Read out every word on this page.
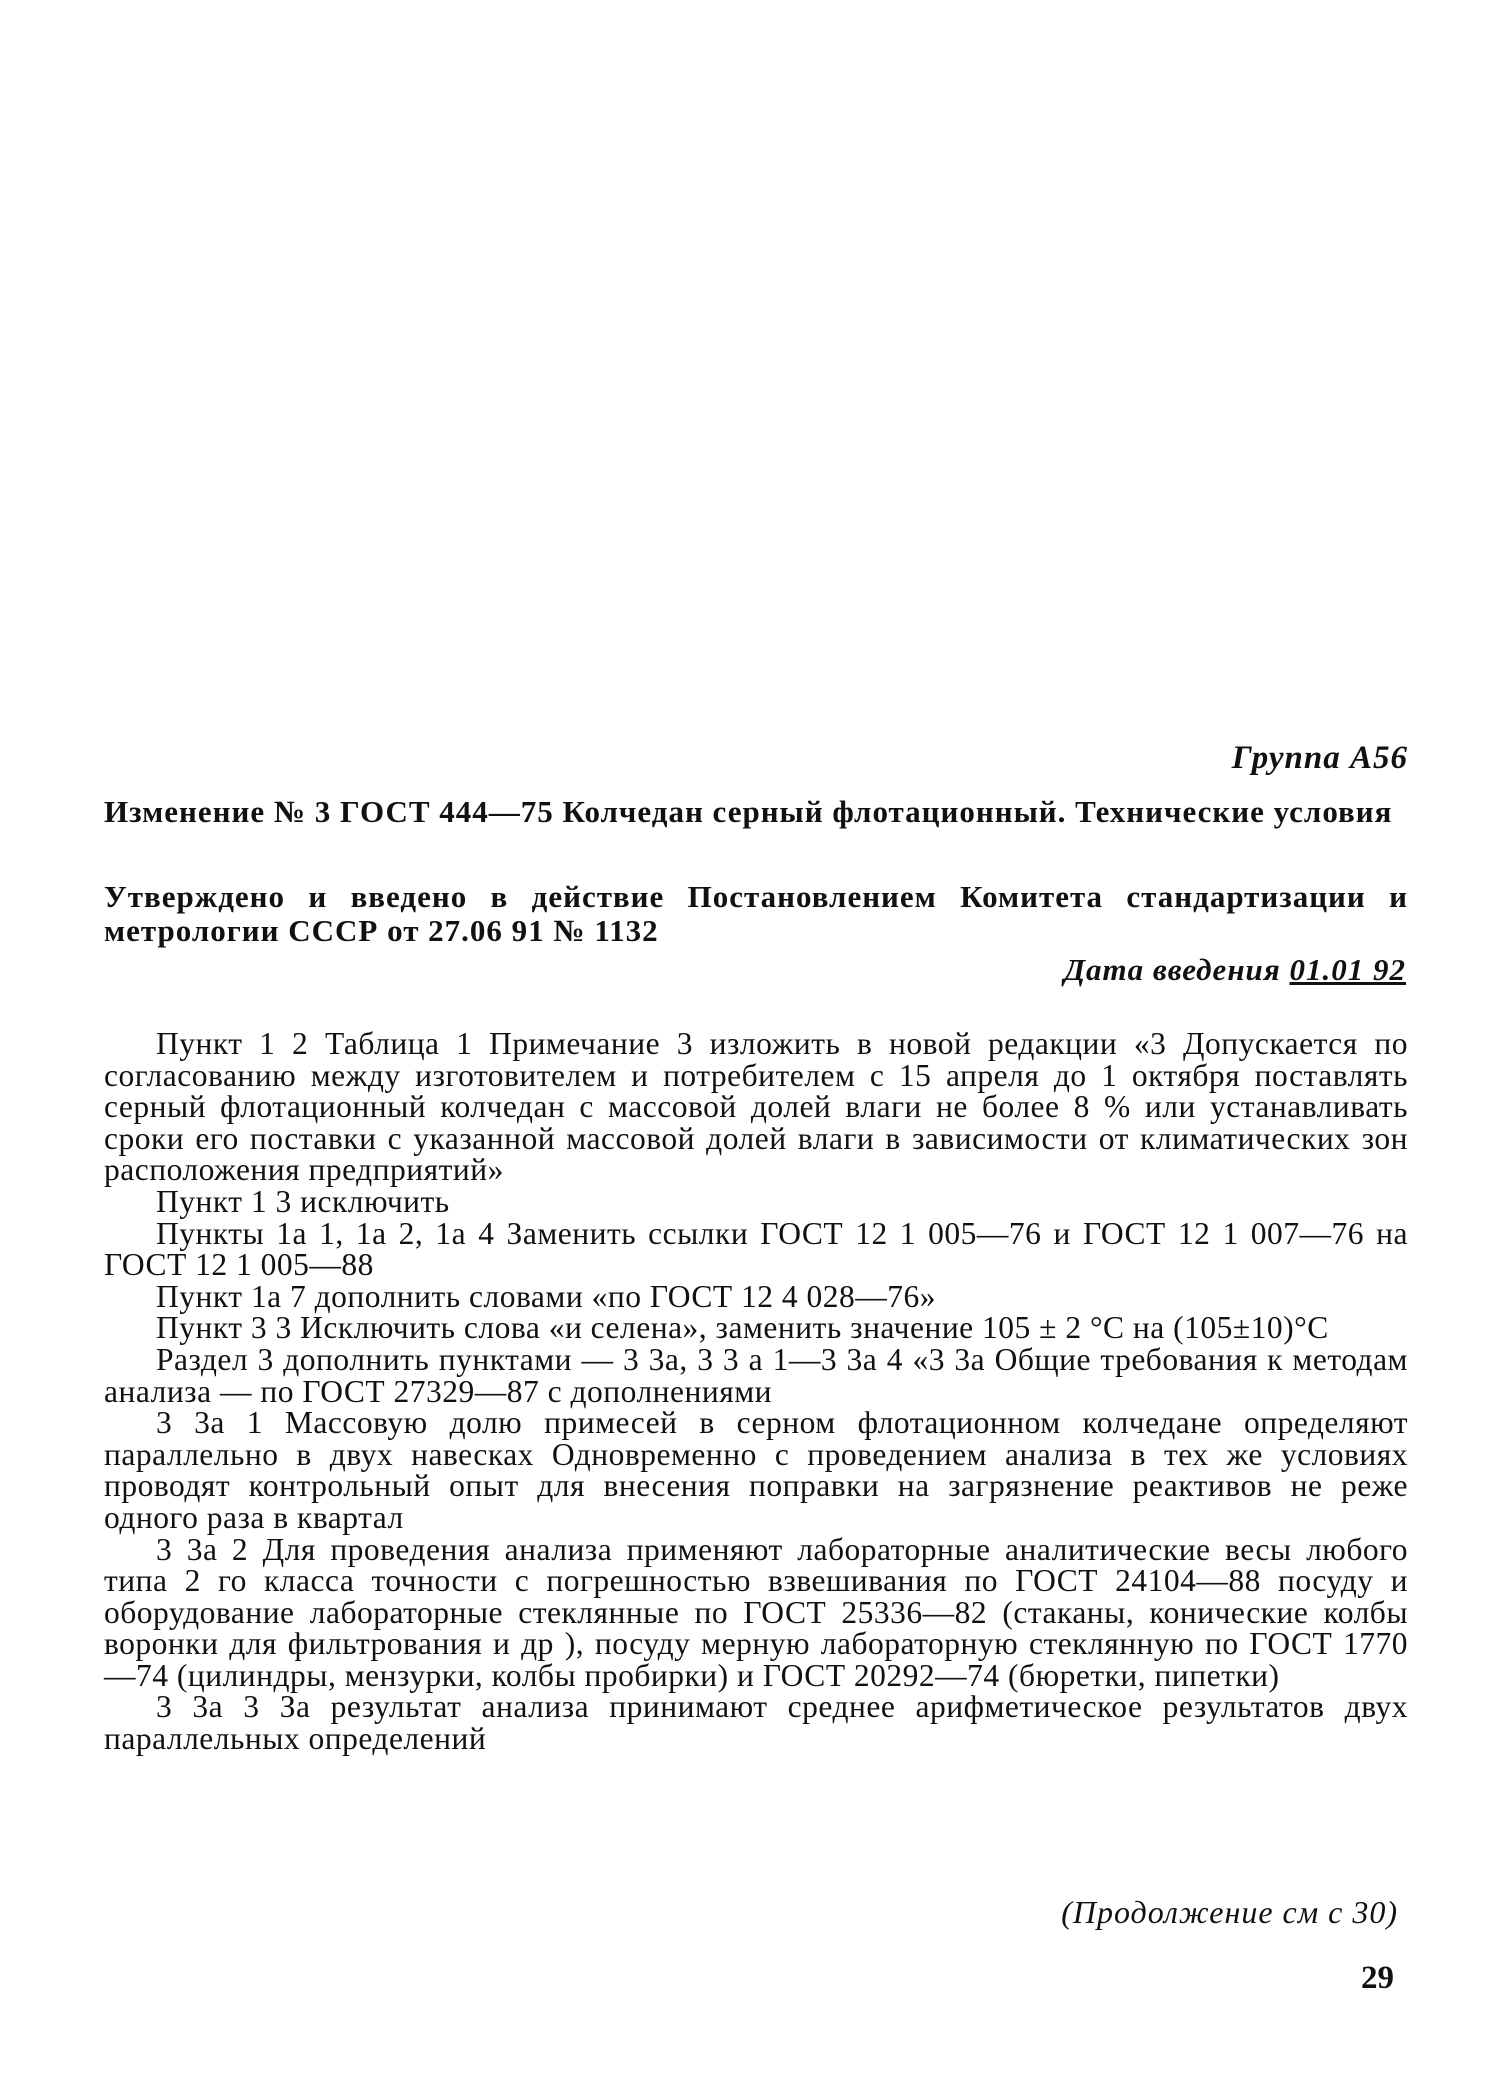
Группа А56
Изменение № 3 ГОСТ 444—75 Колчедан серный флотационный. Технические условия
Утверждено и введено в действие Постановлением Комитета стандартизации и метрологии СССР от 27.06 91 № 1132
Дата введения 01.01 92

Пункт 1 2 Таблица 1 Примечание 3 изложить в новой редакции «3 Допускается по согласованию между изготовителем и потребителем с 15 апреля до 1 октября поставлять серный флотационный колчедан с массовой долей влаги не более 8 % или устанавливать сроки его поставки с указанной массовой долей влаги в зависимости от климатических зон расположения предприятий»

Пункт 1 3 исключить

Пункты 1а 1, 1а 2, 1а 4 Заменить ссылки ГОСТ 12 1 005—76 и ГОСТ 12 1 007—76 на ГОСТ 12 1 005—88

Пункт 1а 7 дополнить словами «по ГОСТ 12 4 028—76»

Пункт 3 3 Исключить слова «и селена», заменить значение 105 ± 2 °С на (105±10)°С

Раздел 3 дополнить пунктами — 3 3а, 3 3 а 1—3 3а 4 «3 3а Общие требования к методам анализа — по ГОСТ 27329—87 с дополнениями

3 3а 1 Массовую долю примесей в серном флотационном колчедане определяют параллельно в двух навесках Одновременно с проведением анализа в тех же условиях проводят контрольный опыт для внесения поправки на загрязнение реактивов не реже одного раза в квартал

3 3а 2 Для проведения анализа применяют лабораторные аналитические весы любого типа 2 го класса точности с погрешностью взвешивания по ГОСТ 24104—88 посуду и оборудование лабораторные стеклянные по ГОСТ 25336—82 (стаканы, конические колбы воронки для фильтрования и др ), посуду мерную лабораторную стеклянную по ГОСТ 1770—74 (цилиндры, мензурки, колбы пробирки) и ГОСТ 20292—74 (бюретки, пипетки)

3 3а 3 За результат анализа принимают среднее арифметическое результатов двух параллельных определений

(Продолжение см с 30)
29
